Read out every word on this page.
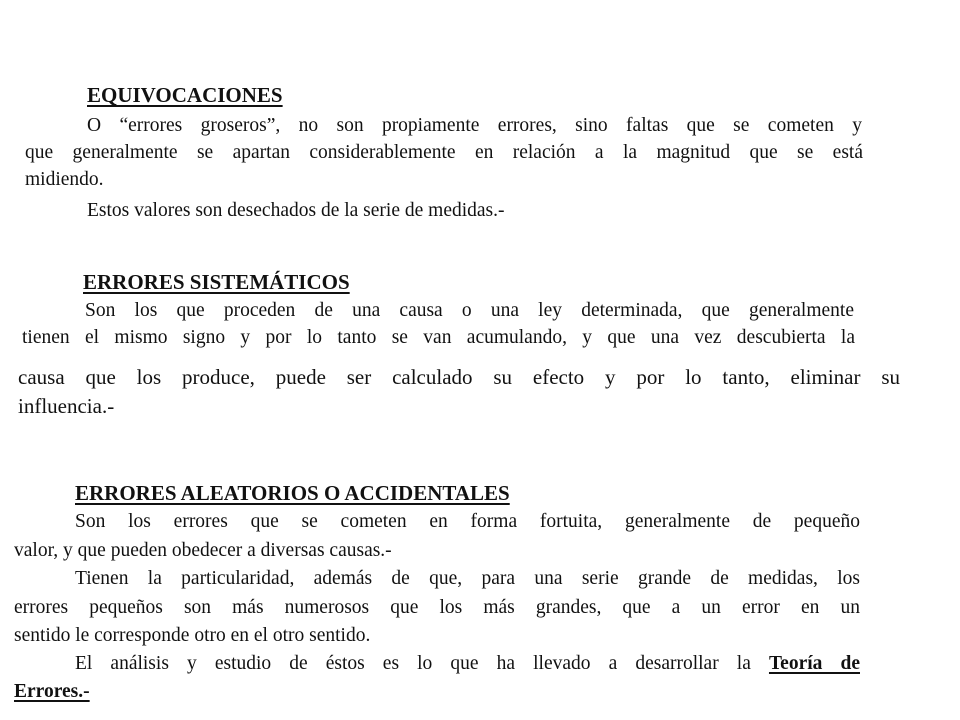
EQUIVOCACIONES
O “errores groseros”, no son propiamente errores, sino faltas que se cometen y
que generalmente se apartan considerablemente en relación a la magnitud que se está
midiendo.
Estos valores son desechados de la serie de medidas.-
ERRORES SISTEMÁTICOS
Son los que proceden de una causa o una ley determinada, que generalmente
tienen el mismo signo y por lo tanto se van acumulando, y que una vez descubierta la
causa que los produce, puede ser calculado su efecto y por lo tanto, eliminar su
influencia.-
ERRORES ALEATORIOS O ACCIDENTALES
Son los errores que se cometen en forma fortuita, generalmente de pequeño
valor, y que pueden obedecer a diversas causas.-
Tienen la particularidad, además de que, para una serie grande de medidas, los
errores pequeños son más numerosos que los más grandes, que a un error en un
sentido le corresponde otro en el otro sentido.
El análisis y estudio de éstos es lo que ha llevado a desarrollar la Teoría de
Errores.-
